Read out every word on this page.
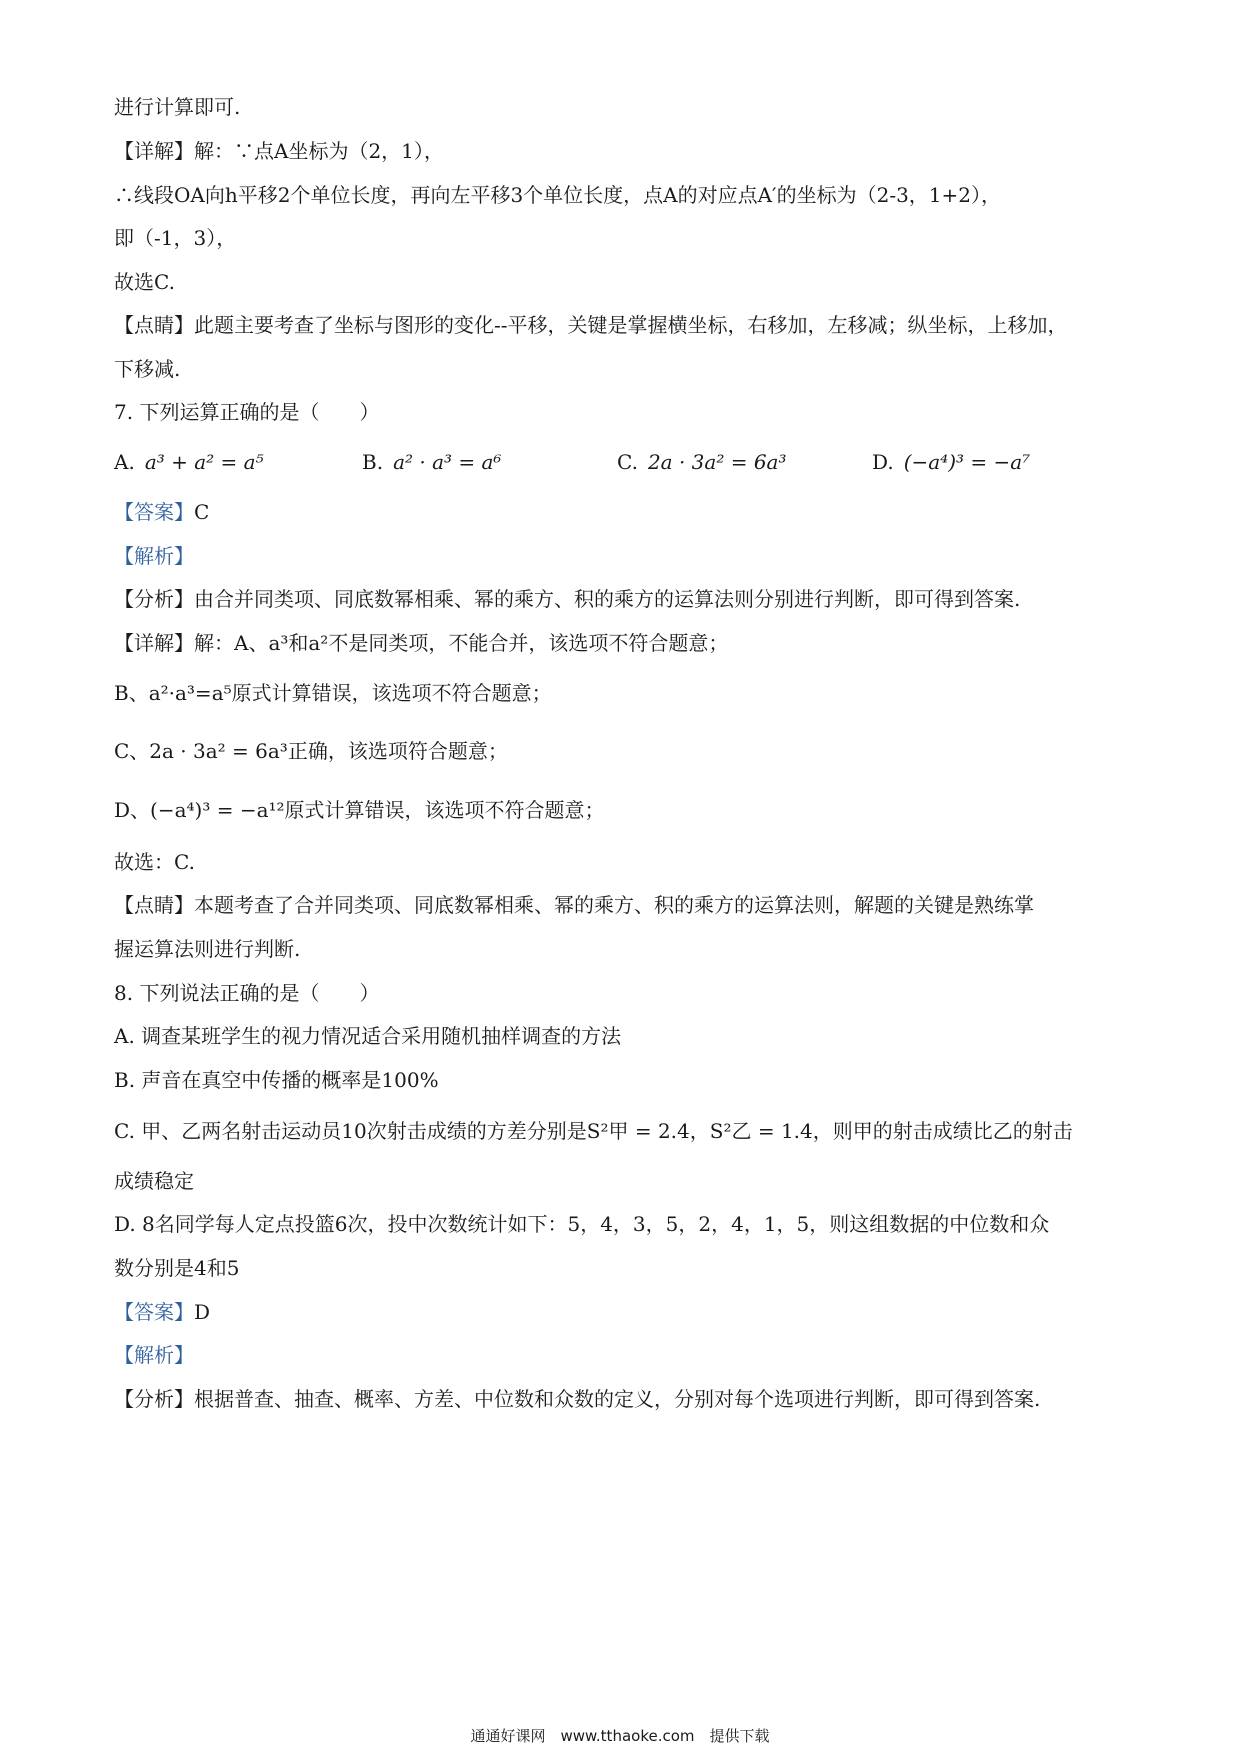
进行计算即可.
【详解】解：∵点A坐标为（2，1），
∴线段OA向h平移2个单位长度，再向左平移3个单位长度，点A的对应点A′的坐标为（2-3，1+2），
即（-1，3），
故选C.
【点睛】此题主要考查了坐标与图形的变化--平移，关键是掌握横坐标，右移加，左移减；纵坐标，上移加，
下移减.
7. 下列运算正确的是（　　）
A. a³ + a² = a⁵	B. a² · a³ = a⁶	C. 2a · 3a² = 6a³	D. (−a⁴)³ = −a⁷
【答案】C
【解析】
【分析】由合并同类项、同底数幂相乘、幂的乘方、积的乘方的运算法则分别进行判断，即可得到答案.
【详解】解：A、a³和a²不是同类项，不能合并，该选项不符合题意；
B、a²·a³=a⁵原式计算错误，该选项不符合题意；
C、2a · 3a² = 6a³正确，该选项符合题意；
D、(−a⁴)³ = −a¹²原式计算错误，该选项不符合题意；
故选：C.
【点睛】本题考查了合并同类项、同底数幂相乘、幂的乘方、积的乘方的运算法则，解题的关键是熟练掌
握运算法则进行判断.
8. 下列说法正确的是（　　）
A. 调查某班学生的视力情况适合采用随机抽样调查的方法
B. 声音在真空中传播的概率是100%
C. 甲、乙两名射击运动员10次射击成绩的方差分别是S²甲 = 2.4，S²乙 = 1.4，则甲的射击成绩比乙的射击
成绩稳定
D. 8名同学每人定点投篮6次，投中次数统计如下：5，4，3，5，2，4，1，5，则这组数据的中位数和众
数分别是4和5
【答案】D
【解析】
【分析】根据普查、抽查、概率、方差、中位数和众数的定义，分别对每个选项进行判断，即可得到答案.
通通好课网　www.tthaoke.com　提供下载
